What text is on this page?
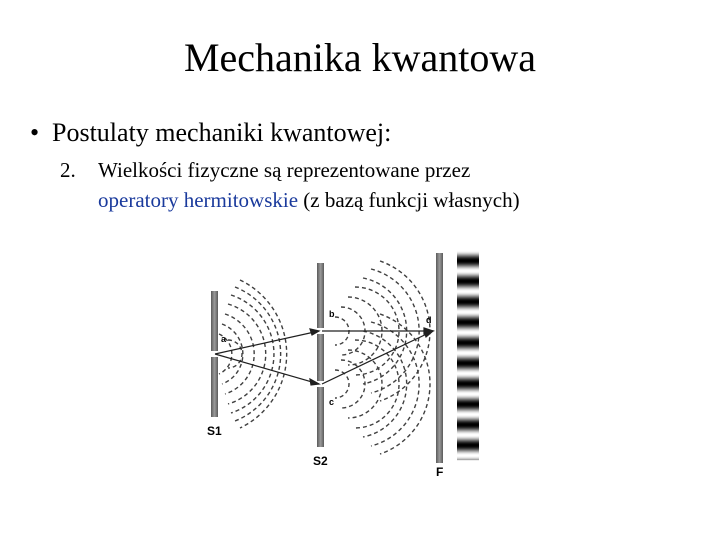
Mechanika kwantowa
• Postulaty mechaniki kwantowej:
2. Wielkości fizyczne są reprezentowane przez
operatory hermitowskie (z bazą funkcji własnych)
a
b
c
d
S1
S2
F
